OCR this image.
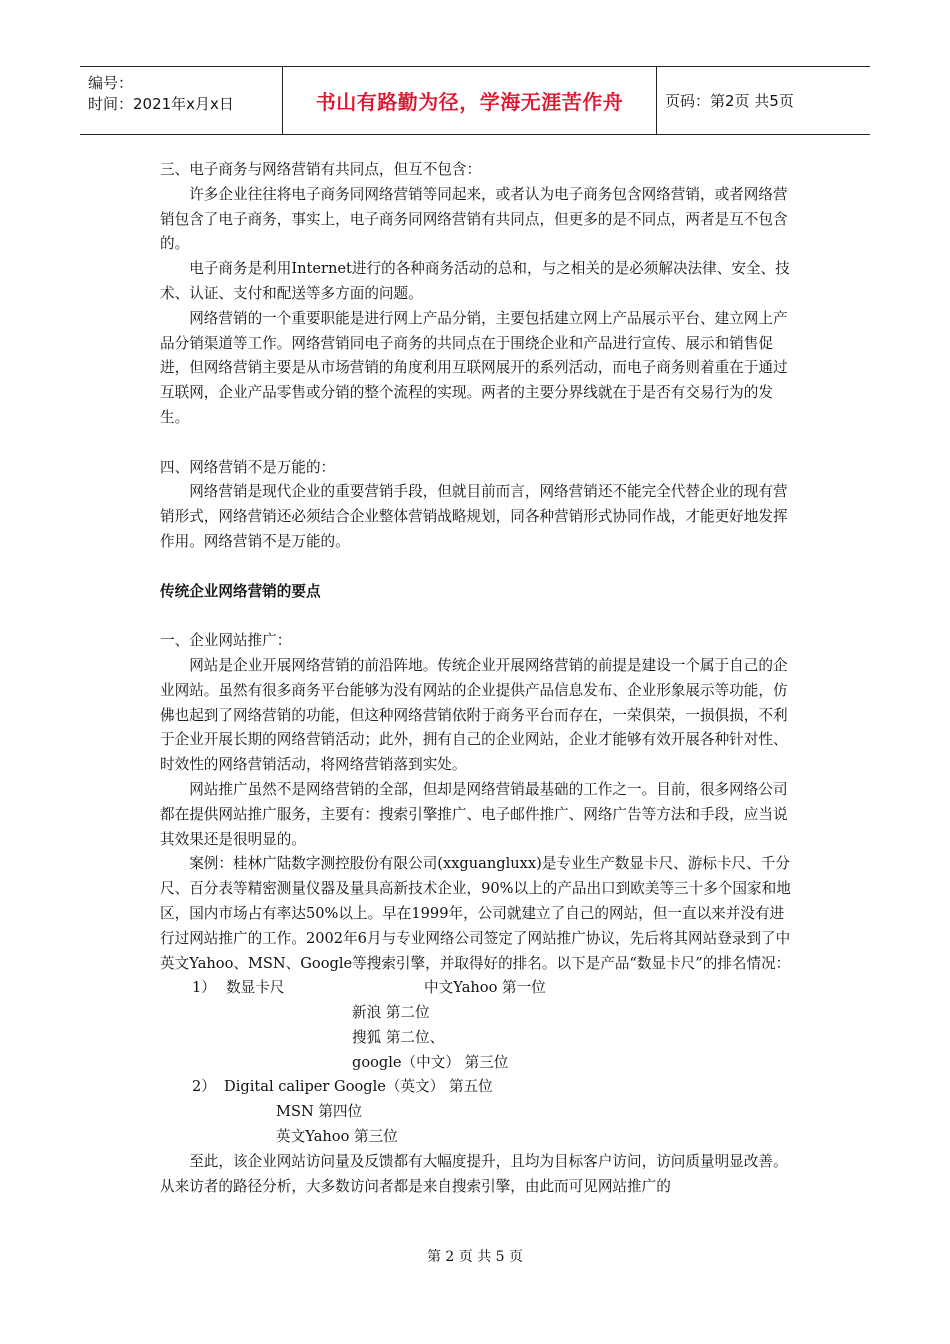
编号：
时间：2021年x月x日	书山有路勤为径，学海无涯苦作舟	页码：第2页 共5页

三、电子商务与网络营销有共同点，但互不包含：

许多企业往往将电子商务同网络营销等同起来，或者认为电子商务包含网络营销，或者网络营销包含了电子商务，事实上，电子商务同网络营销有共同点，但更多的是不同点，两者是互不包含的。

电子商务是利用Internet进行的各种商务活动的总和，与之相关的是必须解决法律、安全、技术、认证、支付和配送等多方面的问题。

网络营销的一个重要职能是进行网上产品分销，主要包括建立网上产品展示平台、建立网上产品分销渠道等工作。网络营销同电子商务的共同点在于围绕企业和产品进行宣传、展示和销售促进，但网络营销主要是从市场营销的角度利用互联网展开的系列活动，而电子商务则着重在于通过互联网，企业产品零售或分销的整个流程的实现。两者的主要分界线就在于是否有交易行为的发生。

四、网络营销不是万能的：

网络营销是现代企业的重要营销手段，但就目前而言，网络营销还不能完全代替企业的现有营销形式，网络营销还必须结合企业整体营销战略规划，同各种营销形式协同作战，才能更好地发挥作用。网络营销不是万能的。

传统企业网络营销的要点

一、企业网站推广：

网站是企业开展网络营销的前沿阵地。传统企业开展网络营销的前提是建设一个属于自己的企业网站。虽然有很多商务平台能够为没有网站的企业提供产品信息发布、企业形象展示等功能，仿佛也起到了网络营销的功能，但这种网络营销依附于商务平台而存在，一荣俱荣，一损俱损，不利于企业开展长期的网络营销活动；此外，拥有自己的企业网站，企业才能够有效开展各种针对性、时效性的网络营销活动，将网络营销落到实处。

网站推广虽然不是网络营销的全部，但却是网络营销最基础的工作之一。目前，很多网络公司都在提供网站推广服务，主要有：搜索引擎推广、电子邮件推广、网络广告等方法和手段，应当说其效果还是很明显的。

案例：桂林广陆数字测控股份有限公司(xxguangluxx)是专业生产数显卡尺、游标卡尺、千分尺、百分表等精密测量仪器及量具高新技术企业，90%以上的产品出口到欧美等三十多个国家和地区，国内市场占有率达50%以上。早在1999年，公司就建立了自己的网站，但一直以来并没有进行过网站推广的工作。2002年6月与专业网络公司签定了网站推广协议，先后将其网站登录到了中英文Yahoo、MSN、Google等搜索引擎，并取得好的排名。以下是产品“数显卡尺”的排名情况：

1） 数显卡尺	中文Yahoo 第一位
新浪 第二位
搜狐 第二位、
google（中文） 第三位
2） Digital caliper Google（英文） 第五位
MSN 第四位
英文Yahoo 第三位

至此，该企业网站访问量及反馈都有大幅度提升，且均为目标客户访问，访问质量明显改善。从来访者的路径分析，大多数访问者都是来自搜索引擎，由此而可见网站推广的

第 2 页 共 5 页
